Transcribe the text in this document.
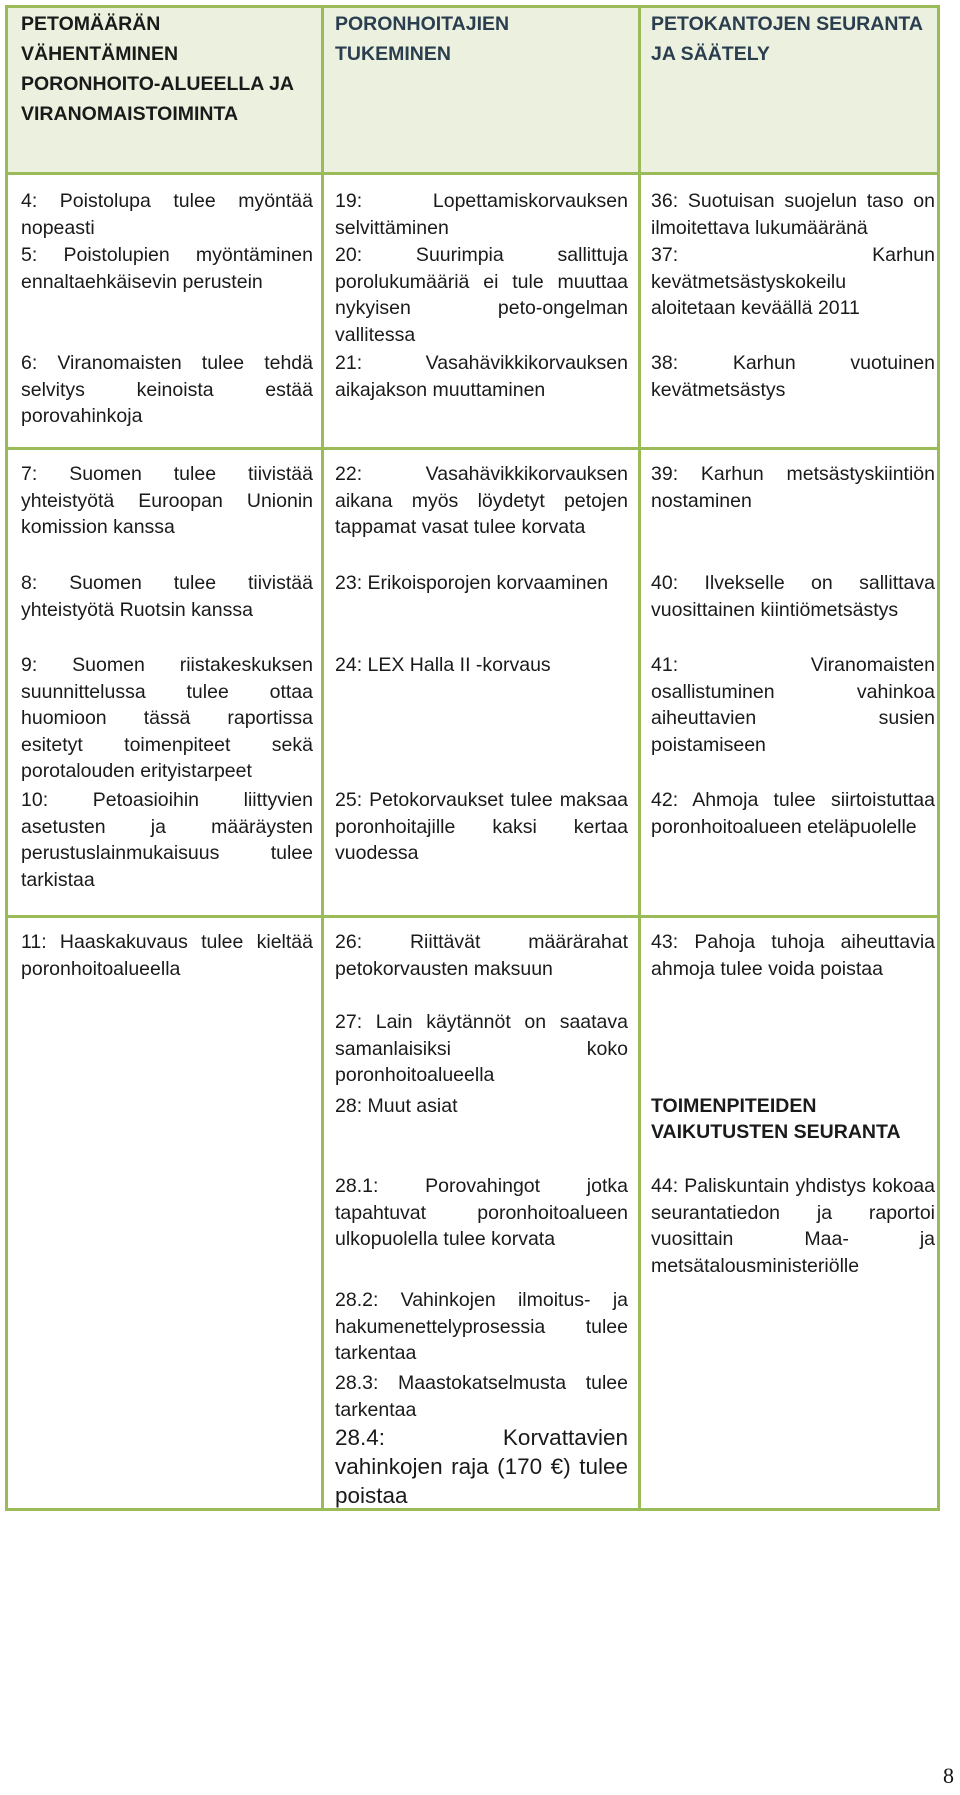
PETOMÄÄRÄN VÄHENTÄMINEN PORONHOITO-ALUEELLA JA VIRANOMAISTOIMINTA
PORONHOITAJIEN TUKEMINEN
PETOKANTOJEN SEURANTA JA SÄÄTELY
4: Poistolupa tulee myöntää nopeasti
5: Poistolupien myöntäminen ennaltaehkäisevin perustein
6: Viranomaisten tulee tehdä selvitys keinoista estää porovahinkoja
7: Suomen tulee tiivistää yhteistyötä Euroopan Unionin komission kanssa
8: Suomen tulee tiivistää yhteistyötä Ruotsin kanssa
9: Suomen riistakeskuksen suunnittelussa tulee ottaa huomioon tässä raportissa esitetyt toimenpiteet sekä porotalouden erityistarpeet
10: Petoasioihin liittyvien asetusten ja määräysten perustuslainmukaisuus tulee tarkistaa
11: Haaskakuvaus tulee kieltää poronhoitoalueella
19: Lopettamiskorvauksen selvittäminen
20: Suurimpia sallittuja porolukumääriä ei tule muuttaa nykyisen peto-ongelman vallitessa
21: Vasahävikkikorvauksen aikajakson muuttaminen
22: Vasahävikkikorvauksen aikana myös löydetyt petojen tappamat vasat tulee korvata
23: Erikoisporojen korvaaminen
24: LEX Halla II -korvaus
25: Petokorvaukset tulee maksaa poronhoitajille kaksi kertaa vuodessa
26: Riittävät määrärahat petokorvausten maksuun
27: Lain käytännöt on saatava samanlaisiksi koko poronhoitoalueella
28: Muut asiat
28.1: Porovahingot jotka tapahtuvat poronhoitoalueen ulkopuolella tulee korvata
28.2: Vahinkojen ilmoitus- ja hakumenettelyprosessia tulee tarkentaa
28.3: Maastokatselmusta tulee tarkentaa
28.4: Korvattavien vahinkojen raja (170 €) tulee poistaa
36: Suotuisan suojelun taso on ilmoitettava lukumääränä
37: Karhun kevätmetsästyskokeilu aloitetaan keväällä 2011
38: Karhun vuotuinen kevätmetsästys
39: Karhun metsästyskiintiön nostaminen
40: Ilvekselle on sallittava vuosittainen kiintiömetsästys
41: Viranomaisten osallistuminen vahinkoa aiheuttavien susien poistamiseen
42: Ahmoja tulee siirtoistuttaa poronhoitoalueen eteläpuolelle
43: Pahoja tuhoja aiheuttavia ahmoja tulee voida poistaa
TOIMENPITEIDEN VAIKUTUSTEN SEURANTA
44: Paliskuntain yhdistys kokoaa seurantatiedon ja raportoi vuosittain Maa- ja metsätalousministeriölle
8
